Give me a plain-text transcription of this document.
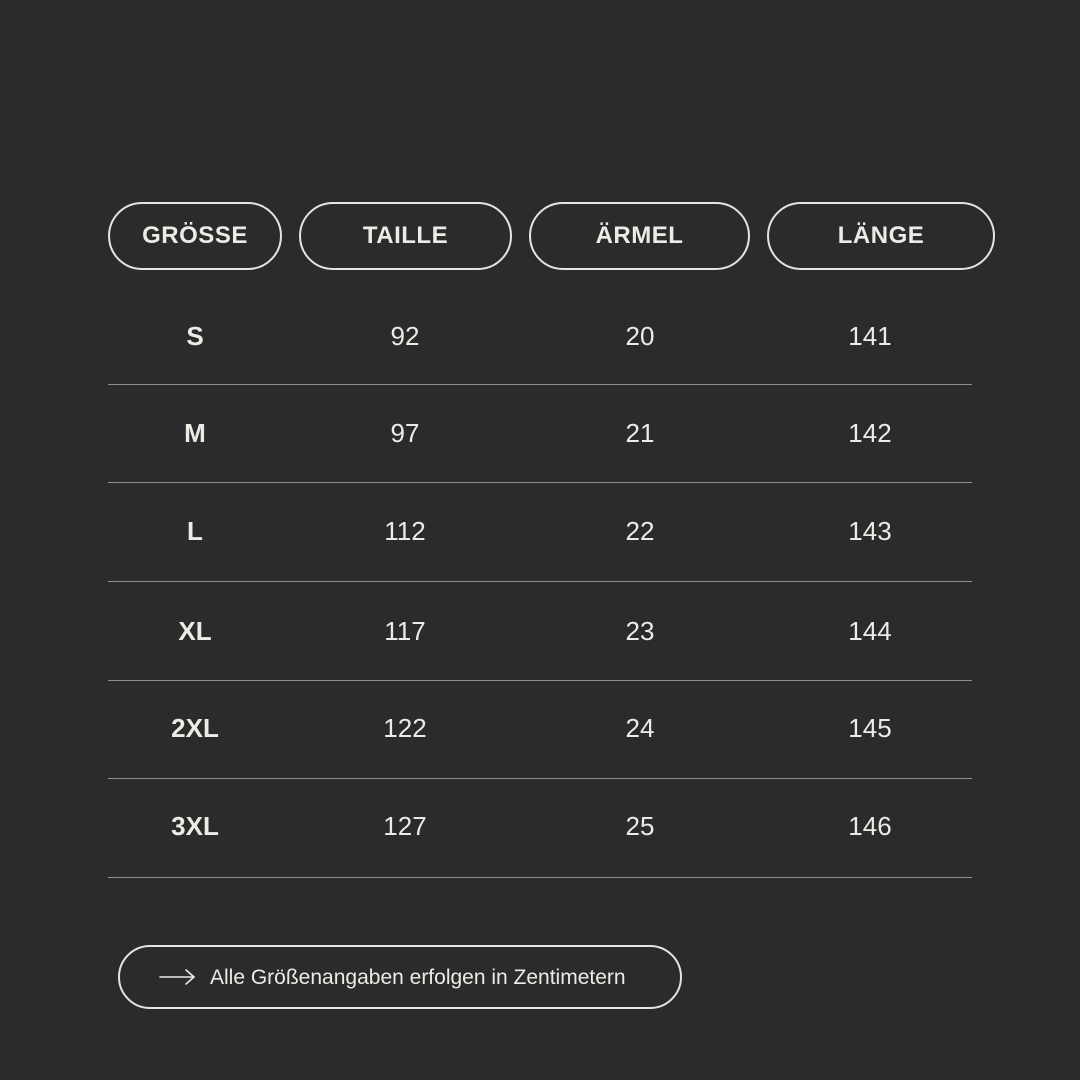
GRÖSSE	TAILLE	ÄRMEL	LÄNGE
S	92	20	141
M	97	21	142
L	112	22	143
XL	117	23	144
2XL	122	24	145
3XL	127	25	146
Alle Größenangaben erfolgen in Zentimetern
